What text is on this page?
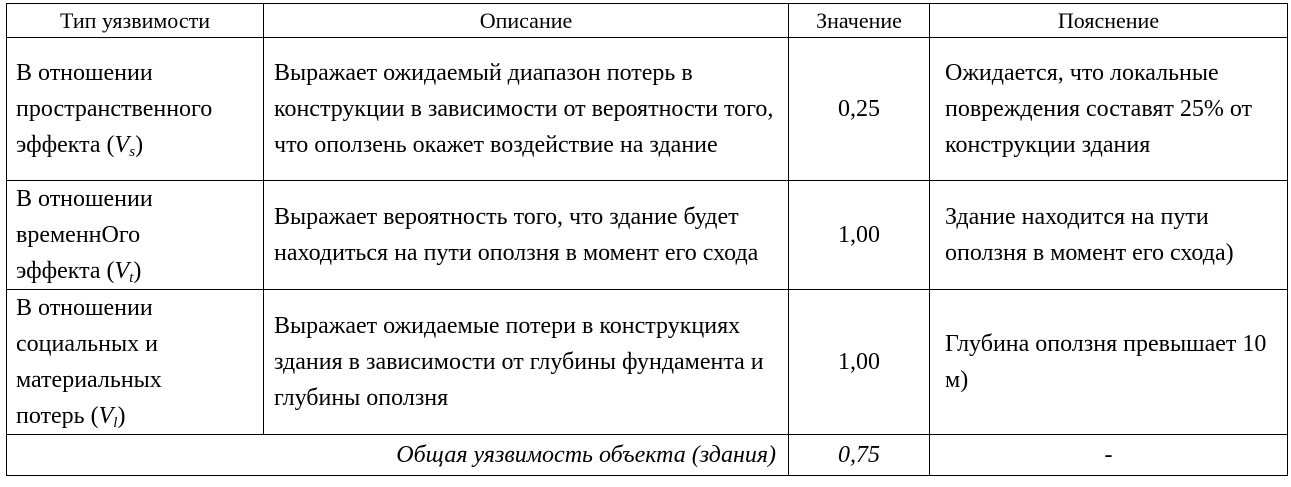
Тип уязвимости	Описание	Значение	Пояснение
В отношении
пространственного
эффекта $(V_s)$	Выражает ожидаемый диапазон потерь в конструкции в зависимости от вероятности того, что оползень окажет воздействие на здание	0,25	Ожидается, что локальные повреждения составят 25% от конструкции здания
В отношении
временнОго
эффекта $(V_t)$	Выражает вероятность того, что здание будет находиться на пути оползня в момент его схода	1,00	Здание находится на пути оползня в момент его схода)
В отношении
социальных и
материальных
потерь $(V_l)$	Выражает ожидаемые потери в конструкциях здания в зависимости от глубины фундамента и глубины оползня	1,00	Глубина оползня превышает 10 м)
Общая уязвимость объекта (здания)		0,75	-
